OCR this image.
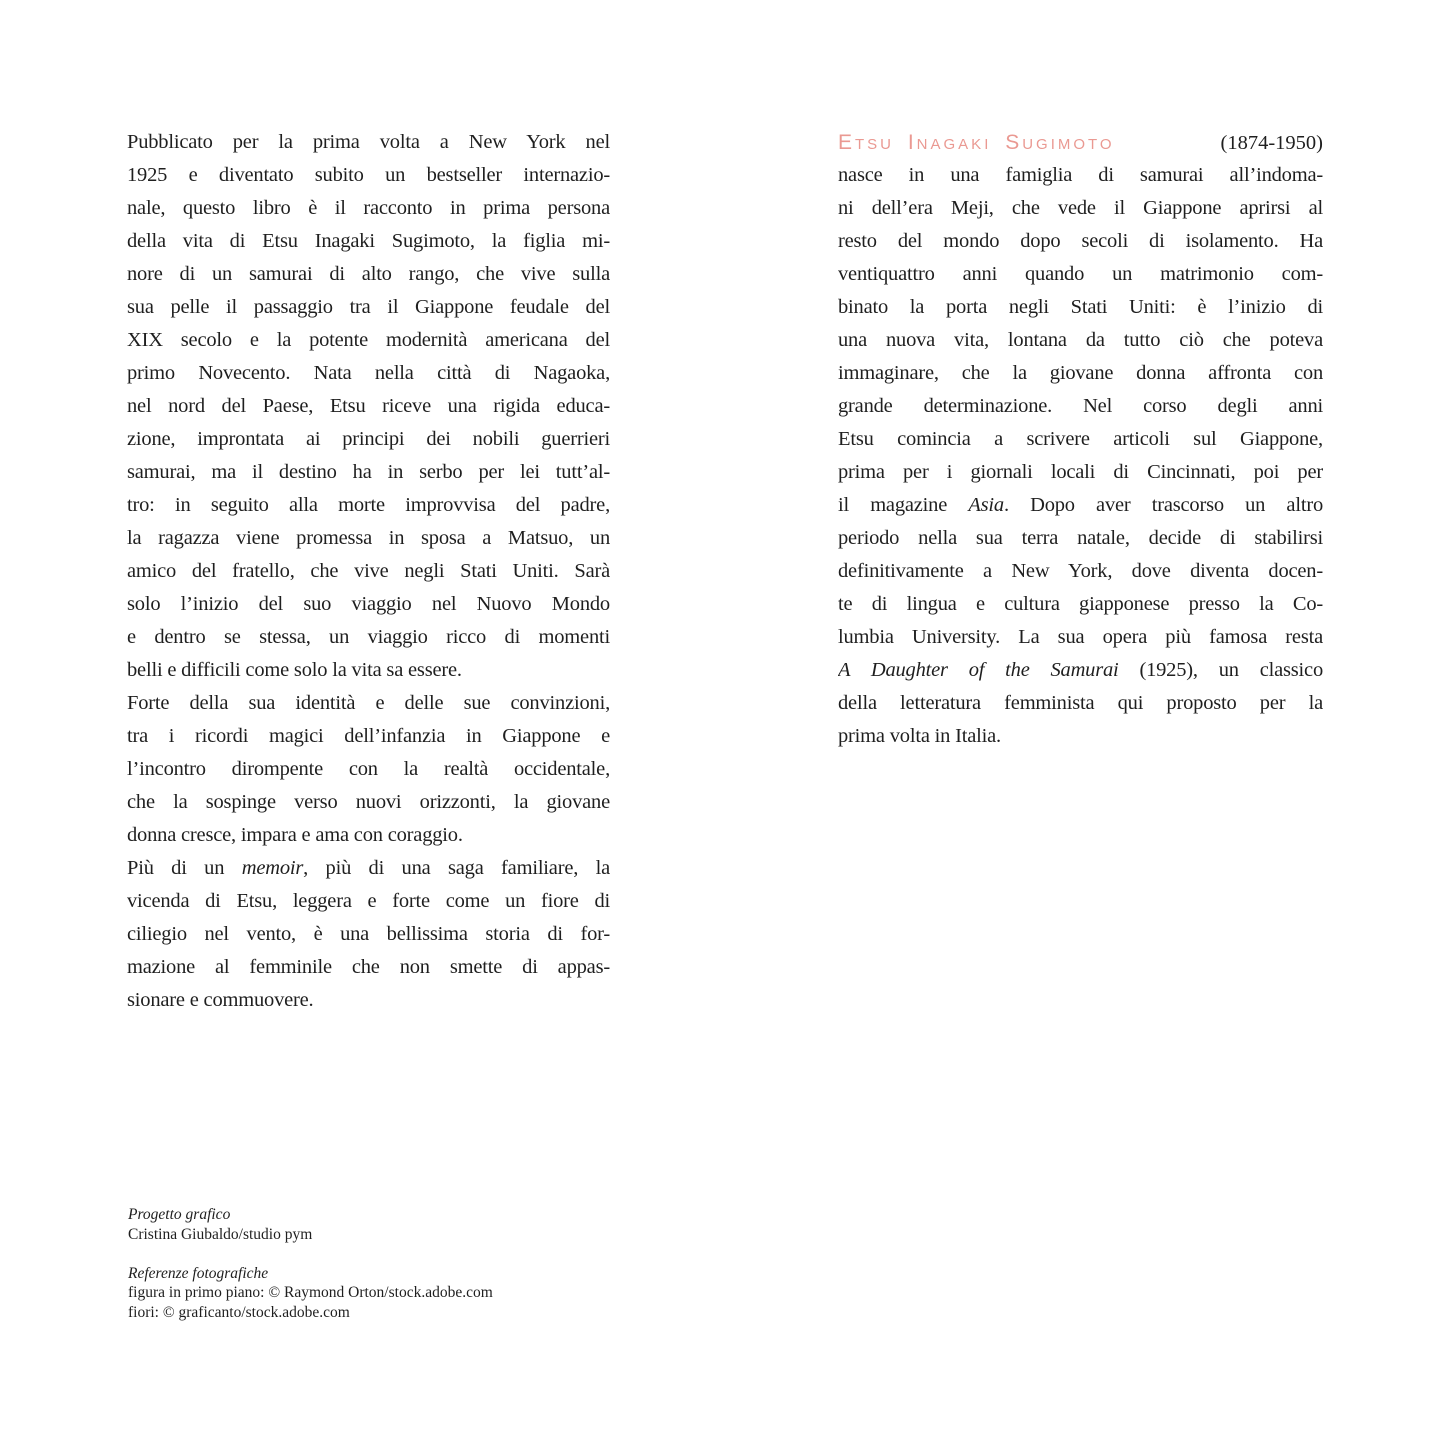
Pubblicato per la prima volta a New York nel
1925 e diventato subito un bestseller internazio-
nale, questo libro è il racconto in prima persona
della vita di Etsu Inagaki Sugimoto, la figlia mi-
nore di un samurai di alto rango, che vive sulla
sua pelle il passaggio tra il Giappone feudale del
XIX secolo e la potente modernità americana del
primo Novecento. Nata nella città di Nagaoka,
nel nord del Paese, Etsu riceve una rigida educa-
zione, improntata ai principi dei nobili guerrieri
samurai, ma il destino ha in serbo per lei tutt’al-
tro: in seguito alla morte improvvisa del padre,
la ragazza viene promessa in sposa a Matsuo, un
amico del fratello, che vive negli Stati Uniti. Sarà
solo l’inizio del suo viaggio nel Nuovo Mondo
e dentro se stessa, un viaggio ricco di momenti
belli e difficili come solo la vita sa essere.
Forte della sua identità e delle sue convinzioni,
tra i ricordi magici dell’infanzia in Giappone e
l’incontro dirompente con la realtà occidentale,
che la sospinge verso nuovi orizzonti, la giovane
donna cresce, impara e ama con coraggio.
Più di un memoir, più di una saga familiare, la
vicenda di Etsu, leggera e forte come un fiore di
ciliegio nel vento, è una bellissima storia di for-
mazione al femminile che non smette di appas-
sionare e commuovere.
Etsu Inagaki Sugimoto	(1874-1950)
nasce in una famiglia di samurai all’indoma-
ni dell’era Meji, che vede il Giappone aprirsi al
resto del mondo dopo secoli di isolamento. Ha
ventiquattro anni quando un matrimonio com-
binato la porta negli Stati Uniti: è l’inizio di
una nuova vita, lontana da tutto ciò che poteva
immaginare, che la giovane donna affronta con
grande determinazione. Nel corso degli anni
Etsu comincia a scrivere articoli sul Giappone,
prima per i giornali locali di Cincinnati, poi per
il magazine Asia. Dopo aver trascorso un altro
periodo nella sua terra natale, decide di stabilirsi
definitivamente a New York, dove diventa docen-
te di lingua e cultura giapponese presso la Co-
lumbia University. La sua opera più famosa resta
A Daughter of the Samurai (1925), un classico
della letteratura femminista qui proposto per la
prima volta in Italia.
Progetto grafico
Cristina Giubaldo/studio pym
Referenze fotografiche
figura in primo piano: © Raymond Orton/stock.adobe.com
fiori: © graficanto/stock.adobe.com
